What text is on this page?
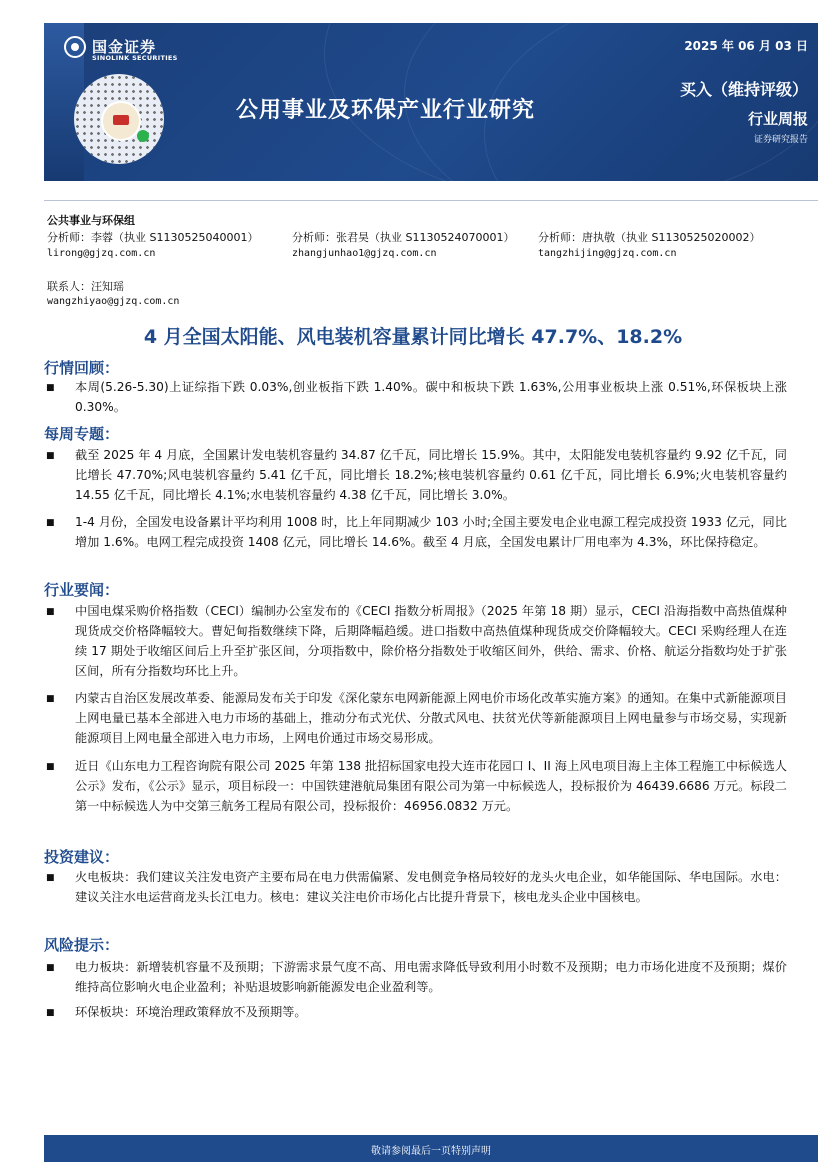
国金证券
SINOLINK SECURITIES
公用事业及环保产业行业研究
2025 年 06 月 03 日
买入（维持评级）
行业周报
证券研究报告
公共事业与环保组
分析师：李蓉（执业 S1130525040001）	分析师：张君昊（执业 S1130524070001） 分析师：唐执敬（执业 S1130525020002）
lirong@gjzq.com.cn	zhangjunhao1@gjzq.com.cn	tangzhijing@gjzq.com.cn
联系人：汪知瑶
wangzhiyao@gjzq.com.cn
4 月全国太阳能、风电装机容量累计同比增长 47.7%、18.2%
行情回顾：
■ 本周(5.26-5.30)上证综指下跌 0.03%,创业板指下跌 1.40%。碳中和板块下跌 1.63%,公用事业板块上涨 0.51%,环保板块上涨 0.30%。
每周专题：
■ 截至 2025 年 4 月底，全国累计发电装机容量约 34.87 亿千瓦，同比增长 15.9%。其中，太阳能发电装机容量约 9.92 亿千瓦，同比增长 47.70%;风电装机容量约 5.41 亿千瓦，同比增长 18.2%;核电装机容量约 0.61 亿千瓦，同比增长 6.9%;火电装机容量约 14.55 亿千瓦，同比增长 4.1%;水电装机容量约 4.38 亿千瓦，同比增长 3.0%。
■ 1-4 月份，全国发电设备累计平均利用 1008 时，比上年同期减少 103 小时;全国主要发电企业电源工程完成投资 1933 亿元，同比增加 1.6%。电网工程完成投资 1408 亿元，同比增长 14.6%。截至 4 月底，全国发电累计厂用电率为 4.3%，环比保持稳定。
行业要闻：
■ 中国电煤采购价格指数（CECI）编制办公室发布的《CECI 指数分析周报》（2025 年第 18 期）显示，CECI 沿海指数中高热值煤种现货成交价格降幅较大。曹妃甸指数继续下降，后期降幅趋缓。进口指数中高热值煤种现货成交价降幅较大。CECI 采购经理人在连续 17 期处于收缩区间后上升至扩张区间，分项指数中，除价格分指数处于收缩区间外，供给、需求、价格、航运分指数均处于扩张区间，所有分指数均环比上升。
■ 内蒙古自治区发展改革委、能源局发布关于印发《深化蒙东电网新能源上网电价市场化改革实施方案》的通知。在集中式新能源项目上网电量已基本全部进入电力市场的基础上，推动分布式光伏、分散式风电、扶贫光伏等新能源项目上网电量参与市场交易，实现新能源项目上网电量全部进入电力市场，上网电价通过市场交易形成。
■ 近日《山东电力工程咨询院有限公司 2025 年第 138 批招标国家电投大连市花园口 I、II 海上风电项目海上主体工程施工中标候选人公示》发布，《公示》显示，项目标段一：中国铁建港航局集团有限公司为第一中标候选人，投标报价为 46439.6686 万元。标段二第一中标候选人为中交第三航务工程局有限公司，投标报价：46956.0832 万元。
投资建议：
■ 火电板块：我们建议关注发电资产主要布局在电力供需偏紧、发电侧竞争格局较好的龙头火电企业，如华能国际、华电国际。水电：建议关注水电运营商龙头长江电力。核电：建议关注电价市场化占比提升背景下，核电龙头企业中国核电。
风险提示：
■ 电力板块：新增装机容量不及预期；下游需求景气度不高、用电需求降低导致利用小时数不及预期；电力市场化进度不及预期；煤价维持高位影响火电企业盈利；补贴退坡影响新能源发电企业盈利等。
■ 环保板块：环境治理政策释放不及预期等。
敬请参阅最后一页特别声明
